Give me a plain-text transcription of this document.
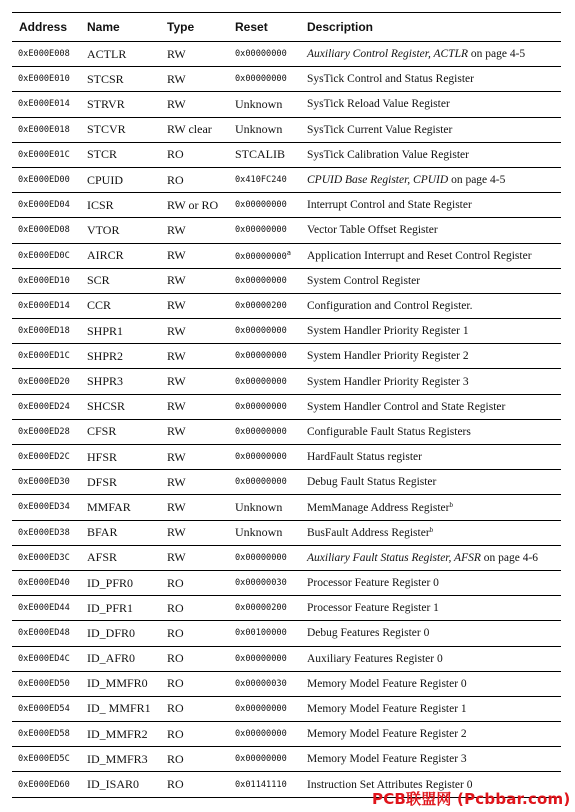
Address	Name	Type	Reset	Description
0xE000E008	ACTLR	RW	0x00000000	Auxiliary Control Register, ACTLR on page 4-5
0xE000E010	STCSR	RW	0x00000000	SysTick Control and Status Register
0xE000E014	STRVR	RW	Unknown	SysTick Reload Value Register
0xE000E018	STCVR	RW clear	Unknown	SysTick Current Value Register
0xE000E01C	STCR	RO	STCALIB	SysTick Calibration Value Register
0xE000ED00	CPUID	RO	0x410FC240	CPUID Base Register, CPUID on page 4-5
0xE000ED04	ICSR	RW or RO	0x00000000	Interrupt Control and State Register
0xE000ED08	VTOR	RW	0x00000000	Vector Table Offset Register
0xE000ED0C	AIRCR	RW	0x00000000$^a$	Application Interrupt and Reset Control Register
0xE000ED10	SCR	RW	0x00000000	System Control Register
0xE000ED14	CCR	RW	0x00000200	Configuration and Control Register.
0xE000ED18	SHPR1	RW	0x00000000	System Handler Priority Register 1
0xE000ED1C	SHPR2	RW	0x00000000	System Handler Priority Register 2
0xE000ED20	SHPR3	RW	0x00000000	System Handler Priority Register 3
0xE000ED24	SHCSR	RW	0x00000000	System Handler Control and State Register
0xE000ED28	CFSR	RW	0x00000000	Configurable Fault Status Registers
0xE000ED2C	HFSR	RW	0x00000000	HardFault Status register
0xE000ED30	DFSR	RW	0x00000000	Debug Fault Status Register
0xE000ED34	MMFAR	RW	Unknown	MemManage Address Register$^b$
0xE000ED38	BFAR	RW	Unknown	BusFault Address Register$^b$
0xE000ED3C	AFSR	RW	0x00000000	Auxiliary Fault Status Register, AFSR on page 4-6
0xE000ED40	ID_PFR0	RO	0x00000030	Processor Feature Register 0
0xE000ED44	ID_PFR1	RO	0x00000200	Processor Feature Register 1
0xE000ED48	ID_DFR0	RO	0x00100000	Debug Features Register 0
0xE000ED4C	ID_AFR0	RO	0x00000000	Auxiliary Features Register 0
0xE000ED50	ID_MMFR0	RO	0x00000030	Memory Model Feature Register 0
0xE000ED54	ID_ MMFR1	RO	0x00000000	Memory Model Feature Register 1
0xE000ED58	ID_MMFR2	RO	0x00000000	Memory Model Feature Register 2
0xE000ED5C	ID_MMFR3	RO	0x00000000	Memory Model Feature Register 3
0xE000ED60	ID_ISAR0	RO	0x01141110	Instruction Set Attributes Register 0
PCB联盟网 (Pcbbar.com)
